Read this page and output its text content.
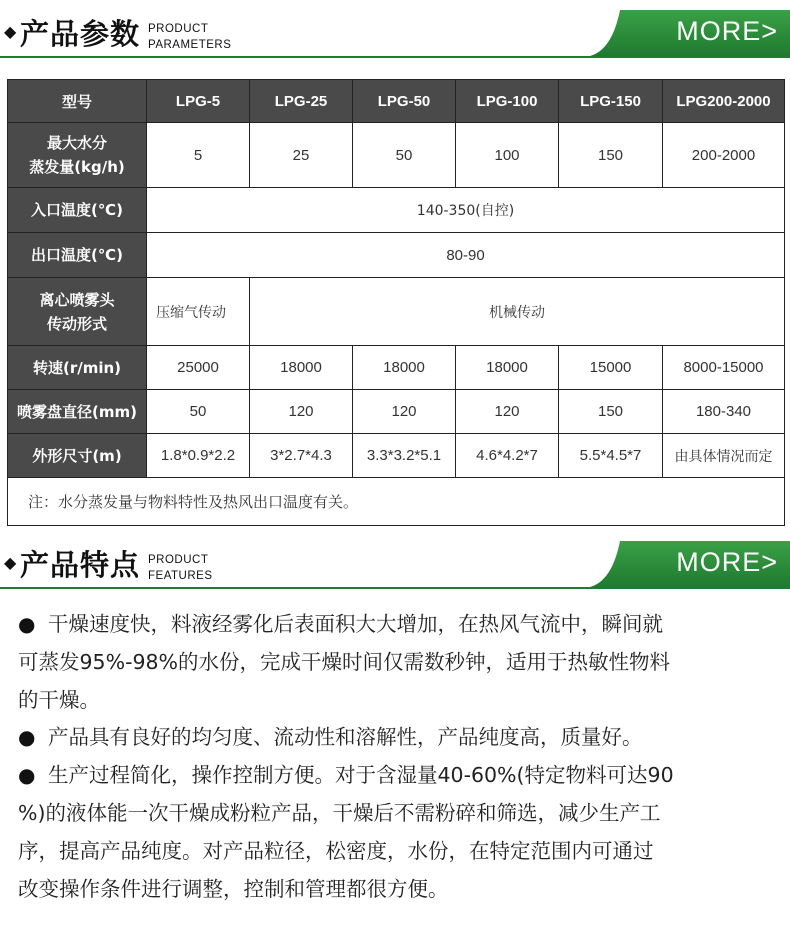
◆ 产品参数 PRODUCT
PARAMETERS	MORE>
型号	LPG-5	LPG-25	LPG-50	LPG-100	LPG-150	LPG200-2000

最大水分
蒸发量(kg/h)	5	25	50	100	150	200-2000
入口温度(℃)	140-350(自控)					
出口温度(℃)	80-90					

离心喷雾头
传动形式	压缩气传动	机械传动				
转速(r/min)	25000	18000	18000	18000	15000	8000-15000
喷雾盘直径(mm)	50	120	120	120	150	180-340
外形尺寸(m)	1.8*0.9*2.2	3*2.7*4.3	3.3*3.2*5.1	4.6*4.2*7	5.5*4.5*7	由具体情况而定
注：水分蒸发量与物料特性及热风出口温度有关。						
◆ 产品特点 PRODUCT
FEATURES	MORE>

● 干燥速度快，料液经雾化后表面积大大增加，在热风气流中，瞬间就

可蒸发95%-98%的水份，完成干燥时间仅需数秒钟，适用于热敏性物料

的干燥。

● 产品具有良好的均匀度、流动性和溶解性，产品纯度高，质量好。

● 生产过程简化，操作控制方便。对于含湿量40-60%(特定物料可达90

%)的液体能一次干燥成粉粒产品，干燥后不需粉碎和筛选，减少生产工

序，提高产品纯度。对产品粒径，松密度，水份，在特定范围内可通过

改变操作条件进行调整，控制和管理都很方便。
